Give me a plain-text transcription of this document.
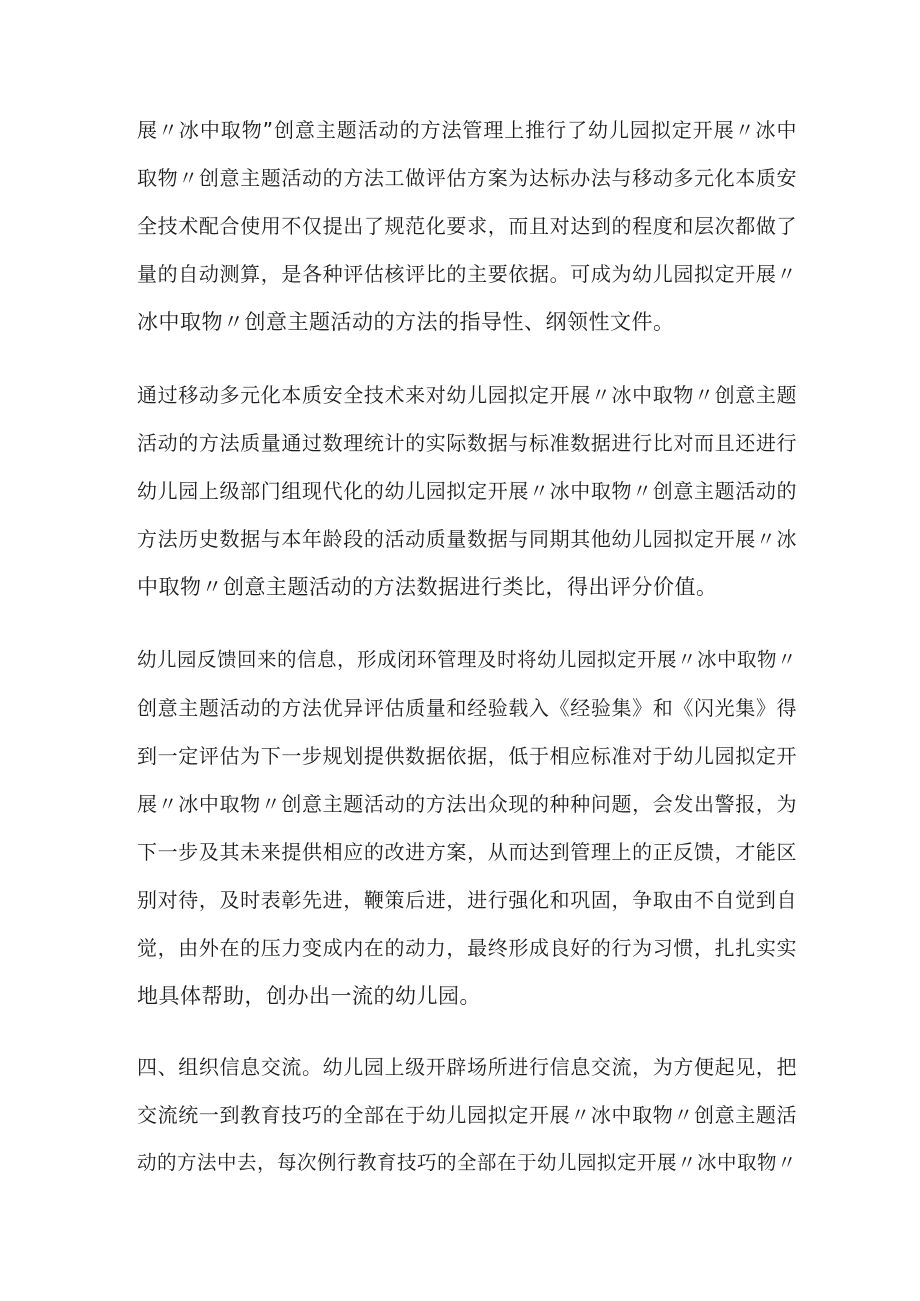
展〃冰中取物”创意主题活动的方法管理上推行了幼儿园拟定开展〃冰中
取物〃创意主题活动的方法工做评估方案为达标办法与移动多元化本质安
全技术配合使用不仅提出了规范化要求，而且对达到的程度和层次都做了
量的自动测算，是各种评估核评比的主要依据。可成为幼儿园拟定开展〃
冰中取物〃创意主题活动的方法的指导性、纲领性文件。
通过移动多元化本质安全技术来对幼儿园拟定开展〃冰中取物〃创意主题
活动的方法质量通过数理统计的实际数据与标准数据进行比对而且还进行
幼儿园上级部门组现代化的幼儿园拟定开展〃冰中取物〃创意主题活动的
方法历史数据与本年龄段的活动质量数据与同期其他幼儿园拟定开展〃冰
中取物〃创意主题活动的方法数据进行类比，得出评分价值。
幼儿园反馈回来的信息，形成闭环管理及时将幼儿园拟定开展〃冰中取物〃
创意主题活动的方法优异评估质量和经验载入《经验集》和《闪光集》得
到一定评估为下一步规划提供数据依据，低于相应标准对于幼儿园拟定开
展〃冰中取物〃创意主题活动的方法出众现的种种问题，会发出警报，为
下一步及其未来提供相应的改进方案，从而达到管理上的正反馈，才能区
别对待，及时表彰先进，鞭策后进，进行强化和巩固，争取由不自觉到自
觉，由外在的压力变成内在的动力，最终形成良好的行为习惯，扎扎实实
地具体帮助，创办出一流的幼儿园。
四、组织信息交流。幼儿园上级开辟场所进行信息交流，为方便起见，把
交流统一到教育技巧的全部在于幼儿园拟定开展〃冰中取物〃创意主题活
动的方法中去，每次例行教育技巧的全部在于幼儿园拟定开展〃冰中取物〃
